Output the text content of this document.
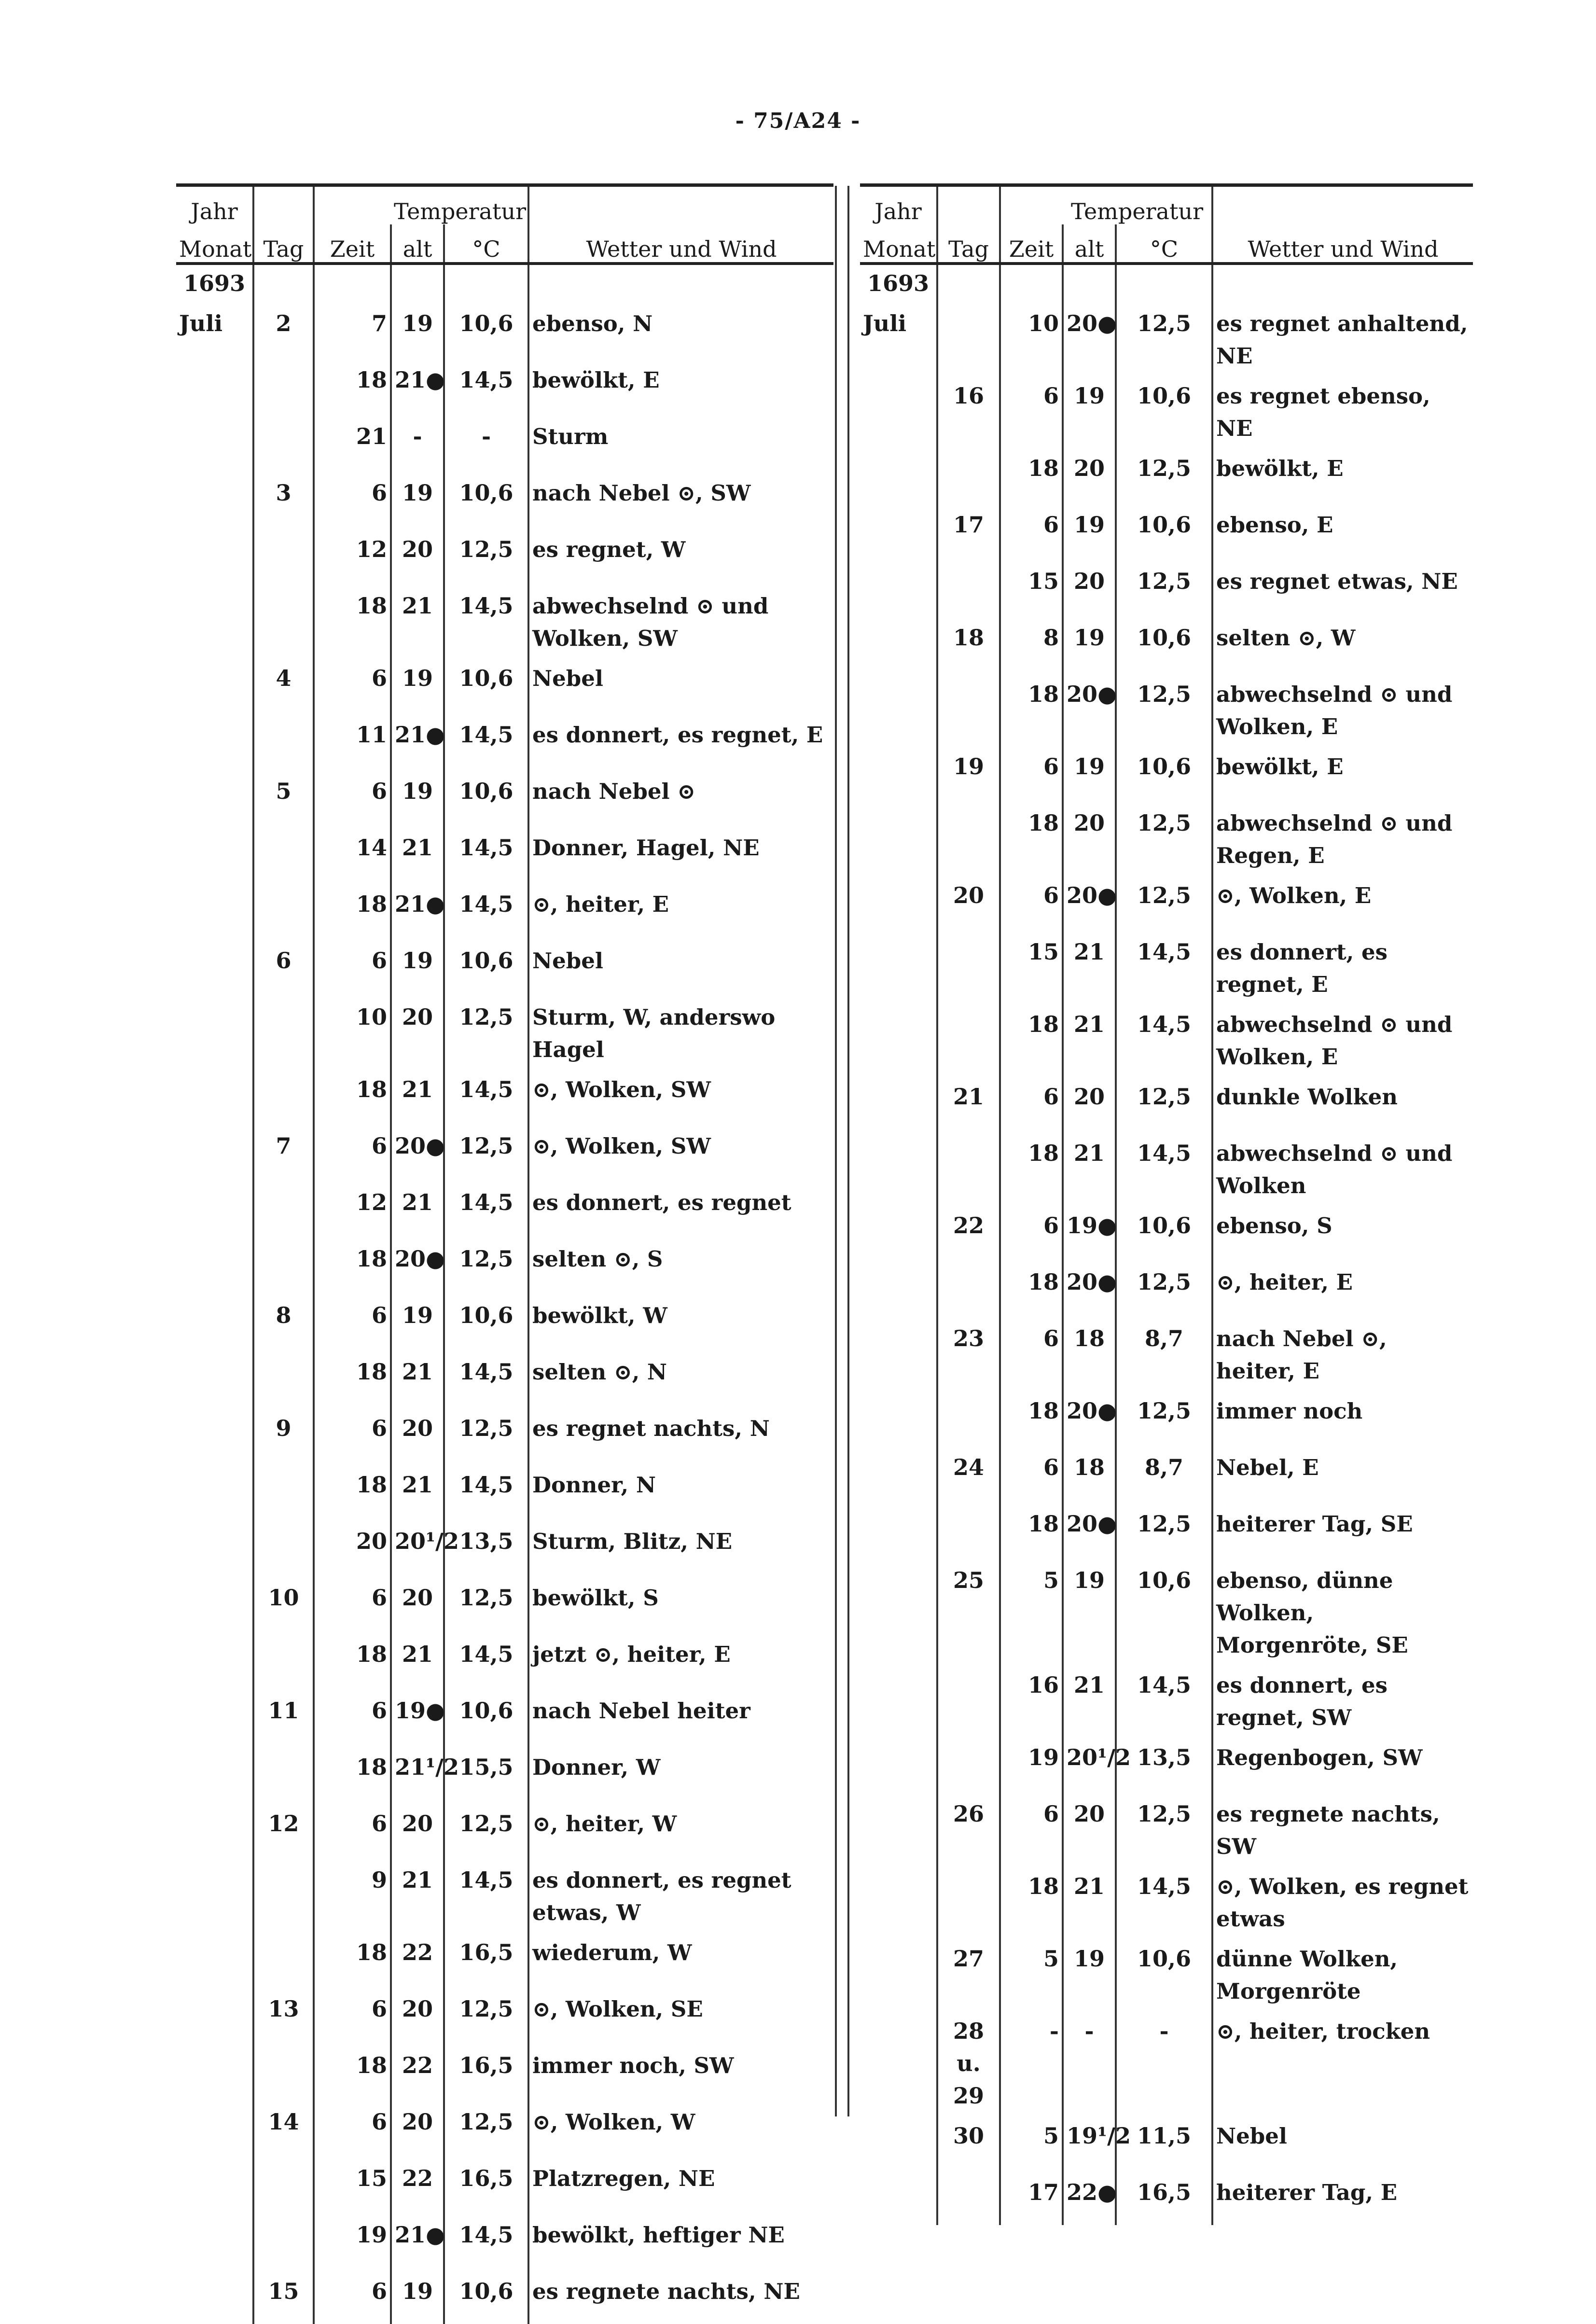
- 75/A24 -
Jahr			Temperatur		
Monat	Tag	Zeit	alt	°C	Wetter und Wind
1693					
Juli	2	7	19	10,6	ebenso, N
		18	21●	14,5	bewölkt, E
		21	-	-	Sturm
	3	6	19	10,6	nach Nebel ⊙, SW
		12	20	12,5	es regnet, W
		18	21	14,5	abwechselnd ⊙ und Wolken, SW
	4	6	19	10,6	Nebel
		11	21●	14,5	es donnert, es regnet, E
	5	6	19	10,6	nach Nebel ⊙
		14	21	14,5	Donner, Hagel, NE
		18	21●	14,5	⊙, heiter, E
	6	6	19	10,6	Nebel
		10	20	12,5	Sturm, W, anderswo Hagel
		18	21	14,5	⊙, Wolken, SW
	7	6	20●	12,5	⊙, Wolken, SW
		12	21	14,5	es donnert, es regnet
		18	20●	12,5	selten ⊙, S
	8	6	19	10,6	bewölkt, W
		18	21	14,5	selten ⊙, N
	9	6	20	12,5	es regnet nachts, N
		18	21	14,5	Donner, N
		20	20¹/2	13,5	Sturm, Blitz, NE
	10	6	20	12,5	bewölkt, S
		18	21	14,5	jetzt ⊙, heiter, E
	11	6	19●	10,6	nach Nebel heiter
		18	21¹/2	15,5	Donner, W
	12	6	20	12,5	⊙, heiter, W
		9	21	14,5	es donnert, es regnet etwas, W
		18	22	16,5	wiederum, W
	13	6	20	12,5	⊙, Wolken, SE
		18	22	16,5	immer noch, SW
	14	6	20	12,5	⊙, Wolken, W
		15	22	16,5	Platzregen, NE
		19	21●	14,5	bewölkt, heftiger NE
	15	6	19	10,6	es regnete nachts, NE
Jahr			Temperatur		
Monat	Tag	Zeit	alt	°C	Wetter und Wind
1693					
Juli		10	20●	12,5	es regnet anhaltend, NE
	16	6	19	10,6	es regnet ebenso, NE
		18	20	12,5	bewölkt, E
	17	6	19	10,6	ebenso, E
		15	20	12,5	es regnet etwas, NE
	18	8	19	10,6	selten ⊙, W
		18	20●	12,5	abwechselnd ⊙ und Wolken, E
	19	6	19	10,6	bewölkt, E
		18	20	12,5	abwechselnd ⊙ und Regen, E
	20	6	20●	12,5	⊙, Wolken, E
		15	21	14,5	es donnert, es regnet, E
		18	21	14,5	abwechselnd ⊙ und Wolken, E
	21	6	20	12,5	dunkle Wolken
		18	21	14,5	abwechselnd ⊙ und Wolken
	22	6	19●	10,6	ebenso, S
		18	20●	12,5	⊙, heiter, E
	23	6	18	8,7	nach Nebel ⊙, heiter, E
		18	20●	12,5	immer noch
	24	6	18	8,7	Nebel, E
		18	20●	12,5	heiterer Tag, SE
	25	5	19	10,6	ebenso, dünne Wolken, Morgenröte, SE
		16	21	14,5	es donnert, es regnet, SW
		19	20¹/2	13,5	Regenbogen, SW
	26	6	20	12,5	es regnete nachts, SW
		18	21	14,5	⊙, Wolken, es regnet etwas
	27	5	19	10,6	dünne Wolken, Morgenröte
	28 u. 29	-	-	-	⊙, heiter, trocken
	30	5	19¹/2	11,5	Nebel
		17	22●	16,5	heiterer Tag, E
